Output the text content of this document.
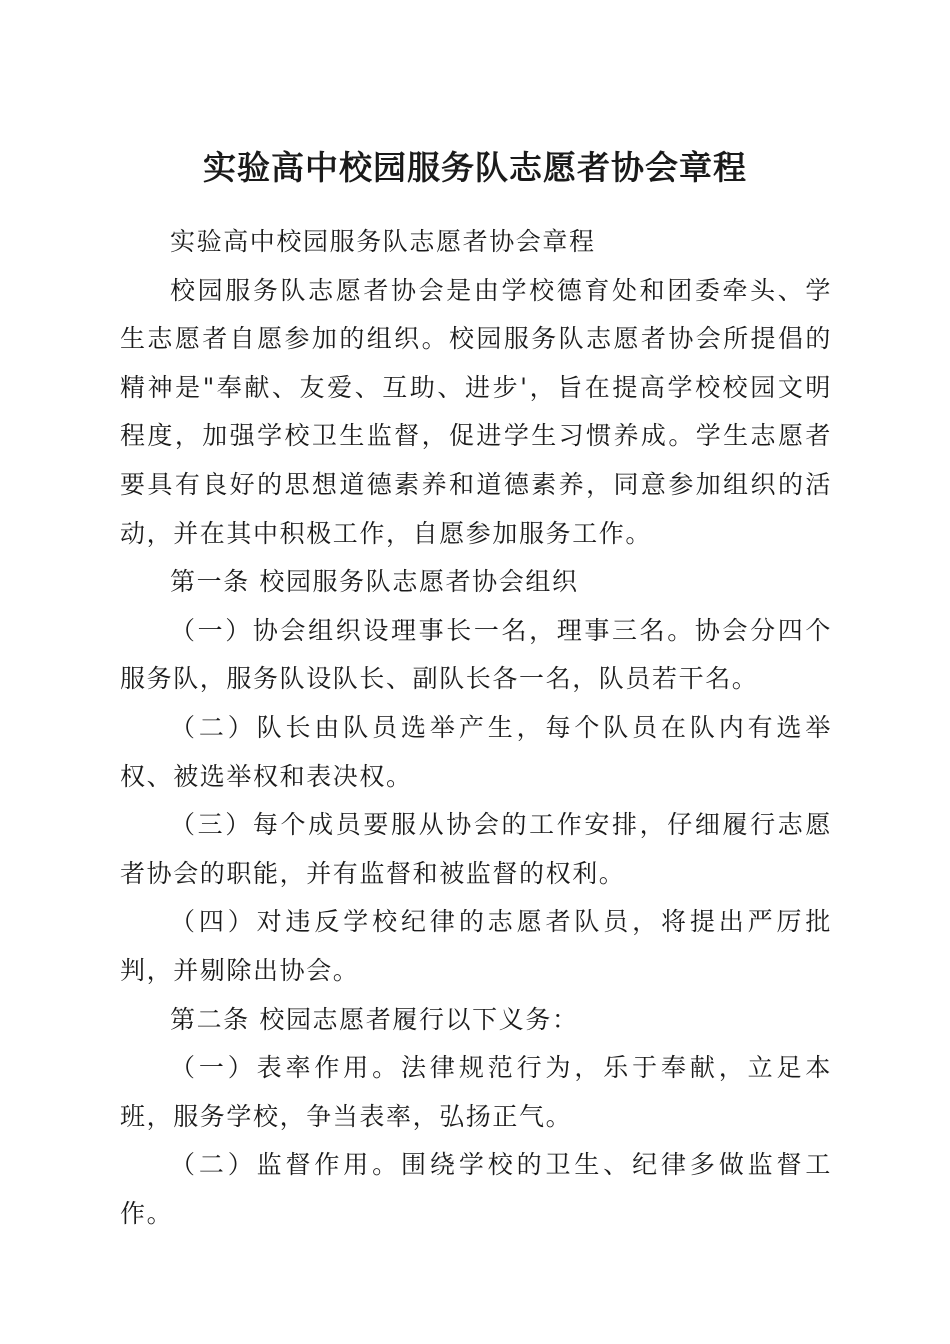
实验高中校园服务队志愿者协会章程

实验高中校园服务队志愿者协会章程

校园服务队志愿者协会是由学校德育处和团委牵头、学生志愿者自愿参加的组织。校园服务队志愿者协会所提倡的精神是"奉献、友爱、互助、进步'，旨在提高学校校园文明程度，加强学校卫生监督，促进学生习惯养成。学生志愿者要具有良好的思想道德素养和道德素养，同意参加组织的活动，并在其中积极工作，自愿参加服务工作。

第一条 校园服务队志愿者协会组织

（一）协会组织设理事长一名，理事三名。协会分四个服务队，服务队设队长、副队长各一名，队员若干名。

（二）队长由队员选举产生，每个队员在队内有选举权、被选举权和表决权。

（三）每个成员要服从协会的工作安排，仔细履行志愿者协会的职能，并有监督和被监督的权利。

（四）对违反学校纪律的志愿者队员，将提出严厉批判，并剔除出协会。

第二条 校园志愿者履行以下义务：

（一）表率作用。法律规范行为，乐于奉献，立足本班，服务学校，争当表率，弘扬正气。

（二）监督作用。围绕学校的卫生、纪律多做监督工作。
